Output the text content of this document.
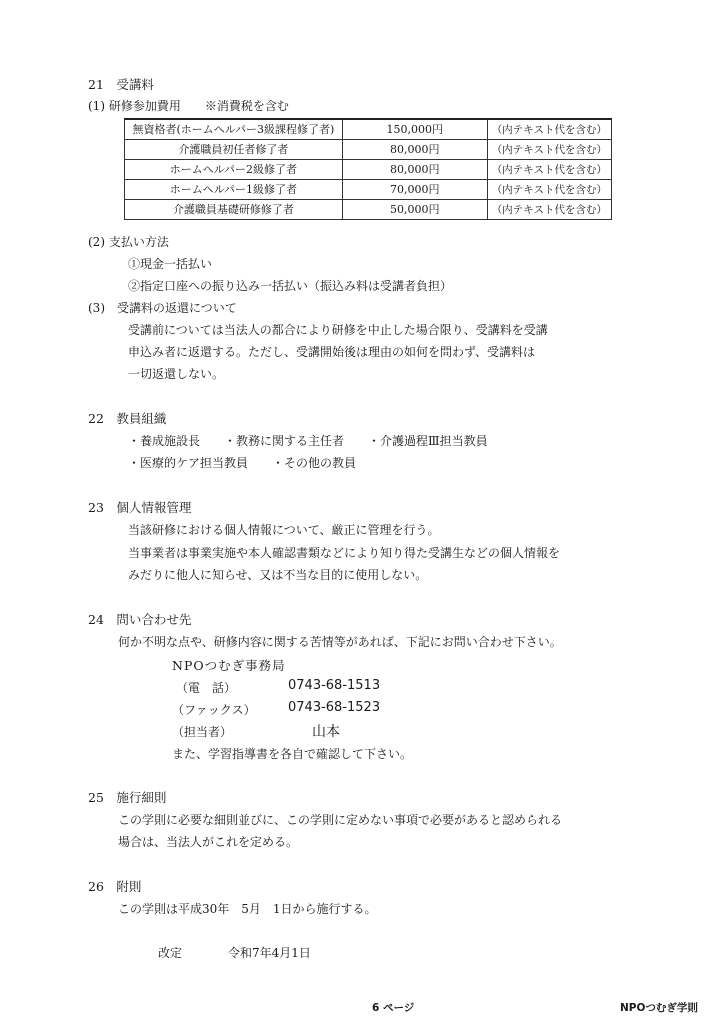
21　受講料
(1) 研修参加費用　　※消費税を含む
無資格者(ホームヘルパー3級課程修了者)	150,000円	（内テキスト代を含む）
介護職員初任者修了者	80,000円	（内テキスト代を含む）
ホームヘルパー2級修了者	80,000円	（内テキスト代を含む）
ホームヘルパー1級修了者	70,000円	（内テキスト代を含む）
介護職員基礎研修修了者	50,000円	（内テキスト代を含む）
(2) 支払い方法
①現金一括払い
②指定口座への振り込み一括払い（振込み料は受講者負担）
(3)　受講料の返還について
受講前については当法人の都合により研修を中止した場合限り、受講料を受講
申込み者に返還する。ただし、受講開始後は理由の如何を問わず、受講料は
一切返還しない。
22　教員組織
・養成施設長　　・教務に関する主任者　　・介護過程Ⅲ担当教員
・医療的ケア担当教員　　・その他の教員
23　個人情報管理
当該研修における個人情報について、厳正に管理を行う。
当事業者は事業実施や本人確認書類などにより知り得た受講生などの個人情報を
みだりに他人に知らせ、又は不当な目的に使用しない。
24　問い合わせ先
何か不明な点や、研修内容に関する苦情等があれば、下記にお問い合わせ下さい。
NPOつむぎ事務局
（電　話）	0743-68-1513
（ファックス） 0743-68-1523
（担当者）	山本
また、学習指導書を各自で確認して下さい。
25　施行細則
この学則に必要な細則並びに、この学則に定めない事項で必要があると認められる
場合は、当法人がこれを定める。
26　附則
この学則は平成30年　5月　1日から施行する。
改定	令和7年4月1日
6 ページ	NPOつむぎ学則
